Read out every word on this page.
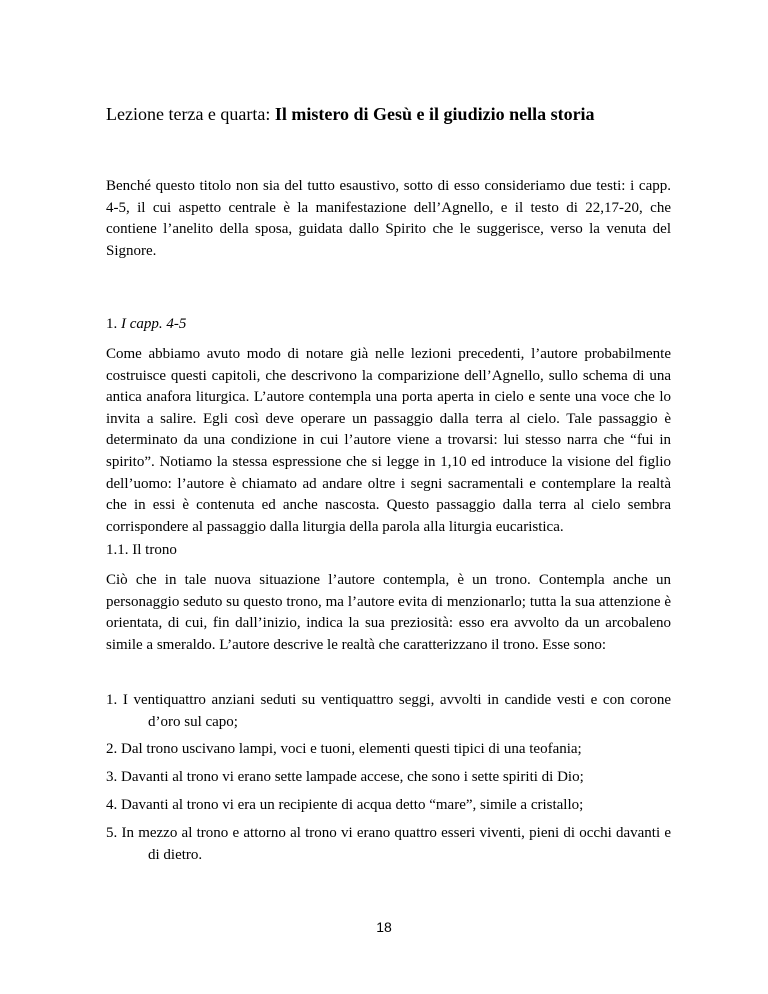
Lezione terza e quarta: Il mistero di Gesù e il giudizio nella storia
Benché questo titolo non sia del tutto esaustivo, sotto di esso consideriamo due testi: i capp. 4-5, il cui aspetto centrale è la manifestazione dell’Agnello, e il testo di 22,17-20, che contiene l’anelito della sposa, guidata dallo Spirito che le suggerisce, verso la venuta del Signore.
1. I capp. 4-5
Come abbiamo avuto modo di notare già nelle lezioni precedenti, l’autore probabilmente costruisce questi capitoli, che descrivono la comparizione dell’Agnello, sullo schema di una antica anafora liturgica. L’autore contempla una porta aperta in cielo e sente una voce che lo invita a salire. Egli così deve operare un passaggio dalla terra al cielo. Tale passaggio è determinato da una condizione in cui l’autore viene a trovarsi: lui stesso narra che “fui in spirito”. Notiamo la stessa espressione che si legge in 1,10 ed introduce la visione del figlio dell’uomo: l’autore è chiamato ad andare oltre i segni sacramentali e contemplare la realtà che in essi è contenuta ed anche nascosta. Questo passaggio dalla terra al cielo sembra corrispondere al passaggio dalla liturgia della parola alla liturgia eucaristica.
1.1. Il trono
Ciò che in tale nuova situazione l’autore contempla, è un trono. Contempla anche un personaggio seduto su questo trono, ma l’autore evita di menzionarlo; tutta la sua attenzione è orientata, di cui, fin dall’inizio, indica la sua preziosità: esso era avvolto da un arcobaleno simile a smeraldo. L’autore descrive le realtà che caratterizzano il trono. Esse sono:
1. I ventiquattro anziani seduti su ventiquattro seggi, avvolti in candide vesti e con corone d’oro sul capo;
2. Dal trono uscivano lampi, voci e tuoni, elementi questi tipici di una teofania;
3. Davanti al trono vi erano sette lampade accese, che sono i sette spiriti di Dio;
4. Davanti al trono vi era un recipiente di acqua detto “mare”, simile a cristallo;
5. In mezzo al trono e attorno al trono vi erano quattro esseri viventi, pieni di occhi davanti e di dietro.
18
